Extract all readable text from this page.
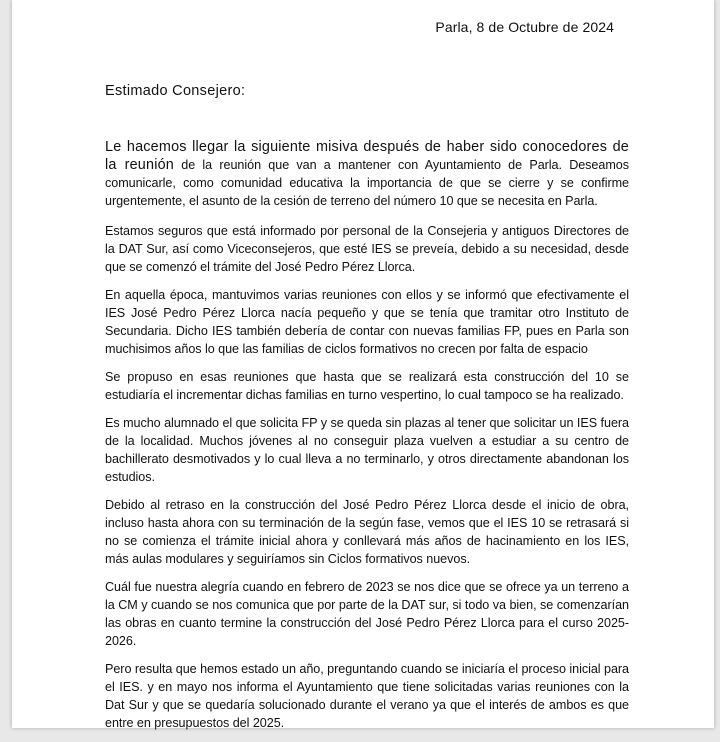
Parla, 8 de Octubre de 2024
Estimado Consejero:

Le hacemos llegar la siguiente misiva después de haber sido conocedores de la reunión de la reunión que van a mantener con Ayuntamiento de Parla. Deseamos comunicarle, como comunidad educativa la importancia de que se cierre y se confirme urgentemente, el asunto de la cesión de terreno del número 10 que se necesita en Parla.

Estamos seguros que está informado por personal de la Consejeria y antiguos Directores de la DAT Sur, así como Viceconsejeros, que esté IES se preveía, debido a su necesidad, desde que se comenzó el trámite del José Pedro Pérez Llorca.

En aquella época, mantuvimos varias reuniones con ellos y se informó que efectivamente el IES José Pedro Pérez Llorca nacía pequeño y que se tenía que tramitar otro Instituto de Secundaria. Dicho IES también debería de contar con nuevas familias FP, pues en Parla son muchisimos años lo que las familias de ciclos formativos no crecen por falta de espacio

Se propuso en esas reuniones que hasta que se realizará esta construcción del 10 se estudiaría el incrementar dichas familias en turno vespertino, lo cual tampoco se ha realizado.

Es mucho alumnado el que solicita FP y se queda sin plazas al tener que solicitar un IES fuera de la localidad. Muchos jóvenes al no conseguir plaza vuelven a estudiar a su centro de bachillerato desmotivados y lo cual lleva a no terminarlo, y otros directamente abandonan los estudios.

Debido al retraso en la construcción del José Pedro Pérez Llorca desde el inicio de obra, incluso hasta ahora con su terminación de la según fase, vemos que el IES 10 se retrasará si no se comienza el trámite inicial ahora y conllevará más años de hacinamiento en los IES, más aulas modulares y seguiríamos sin Ciclos formativos nuevos.

Cuál fue nuestra alegría cuando en febrero de 2023 se nos dice que se ofrece ya un terreno a la CM y cuando se nos comunica que por parte de la DAT sur, si todo va bien, se comenzarían las obras en cuanto termine la construcción del José Pedro Pérez Llorca para el curso 2025-2026.

Pero resulta que hemos estado un año, preguntando cuando se iniciaría el proceso inicial para el IES. y en mayo nos informa el Ayuntamiento que tiene solicitadas varias reuniones con la Dat Sur y que se quedaría solucionado durante el verano ya que el interés de ambos es que entre en presupuestos del 2025.
